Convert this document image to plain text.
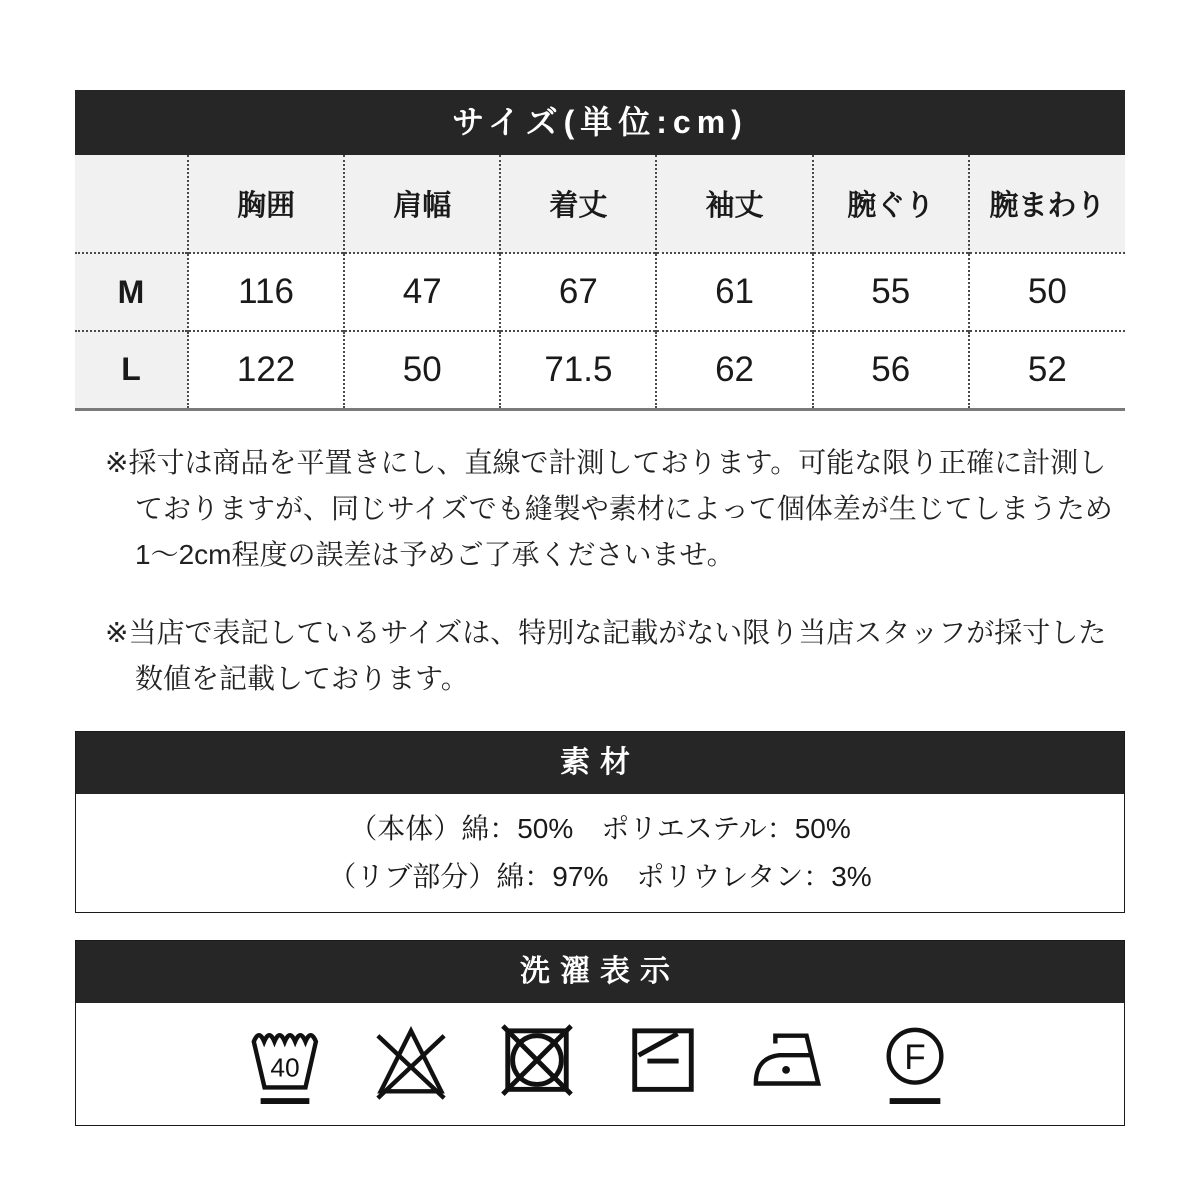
サイズ(単位:cm)
	胸囲	肩幅	着丈	袖丈	腕ぐり	腕まわり
M	116	47	67	61	55	50
L	122	50	71.5	62	56	52
※採寸は商品を平置きにし、直線で計測しております。可能な限り正確に計測し
ておりますが、同じサイズでも縫製や素材によって個体差が生じてしまうため
1〜2cm程度の誤差は予めご了承くださいませ。
※当店で表記しているサイズは、特別な記載がない限り当店スタッフが採寸した
数値を記載しております。
素材
（本体）綿：50%　ポリエステル：50%
（リブ部分）綿：97%　ポリウレタン：3%
洗濯表示
40	F
